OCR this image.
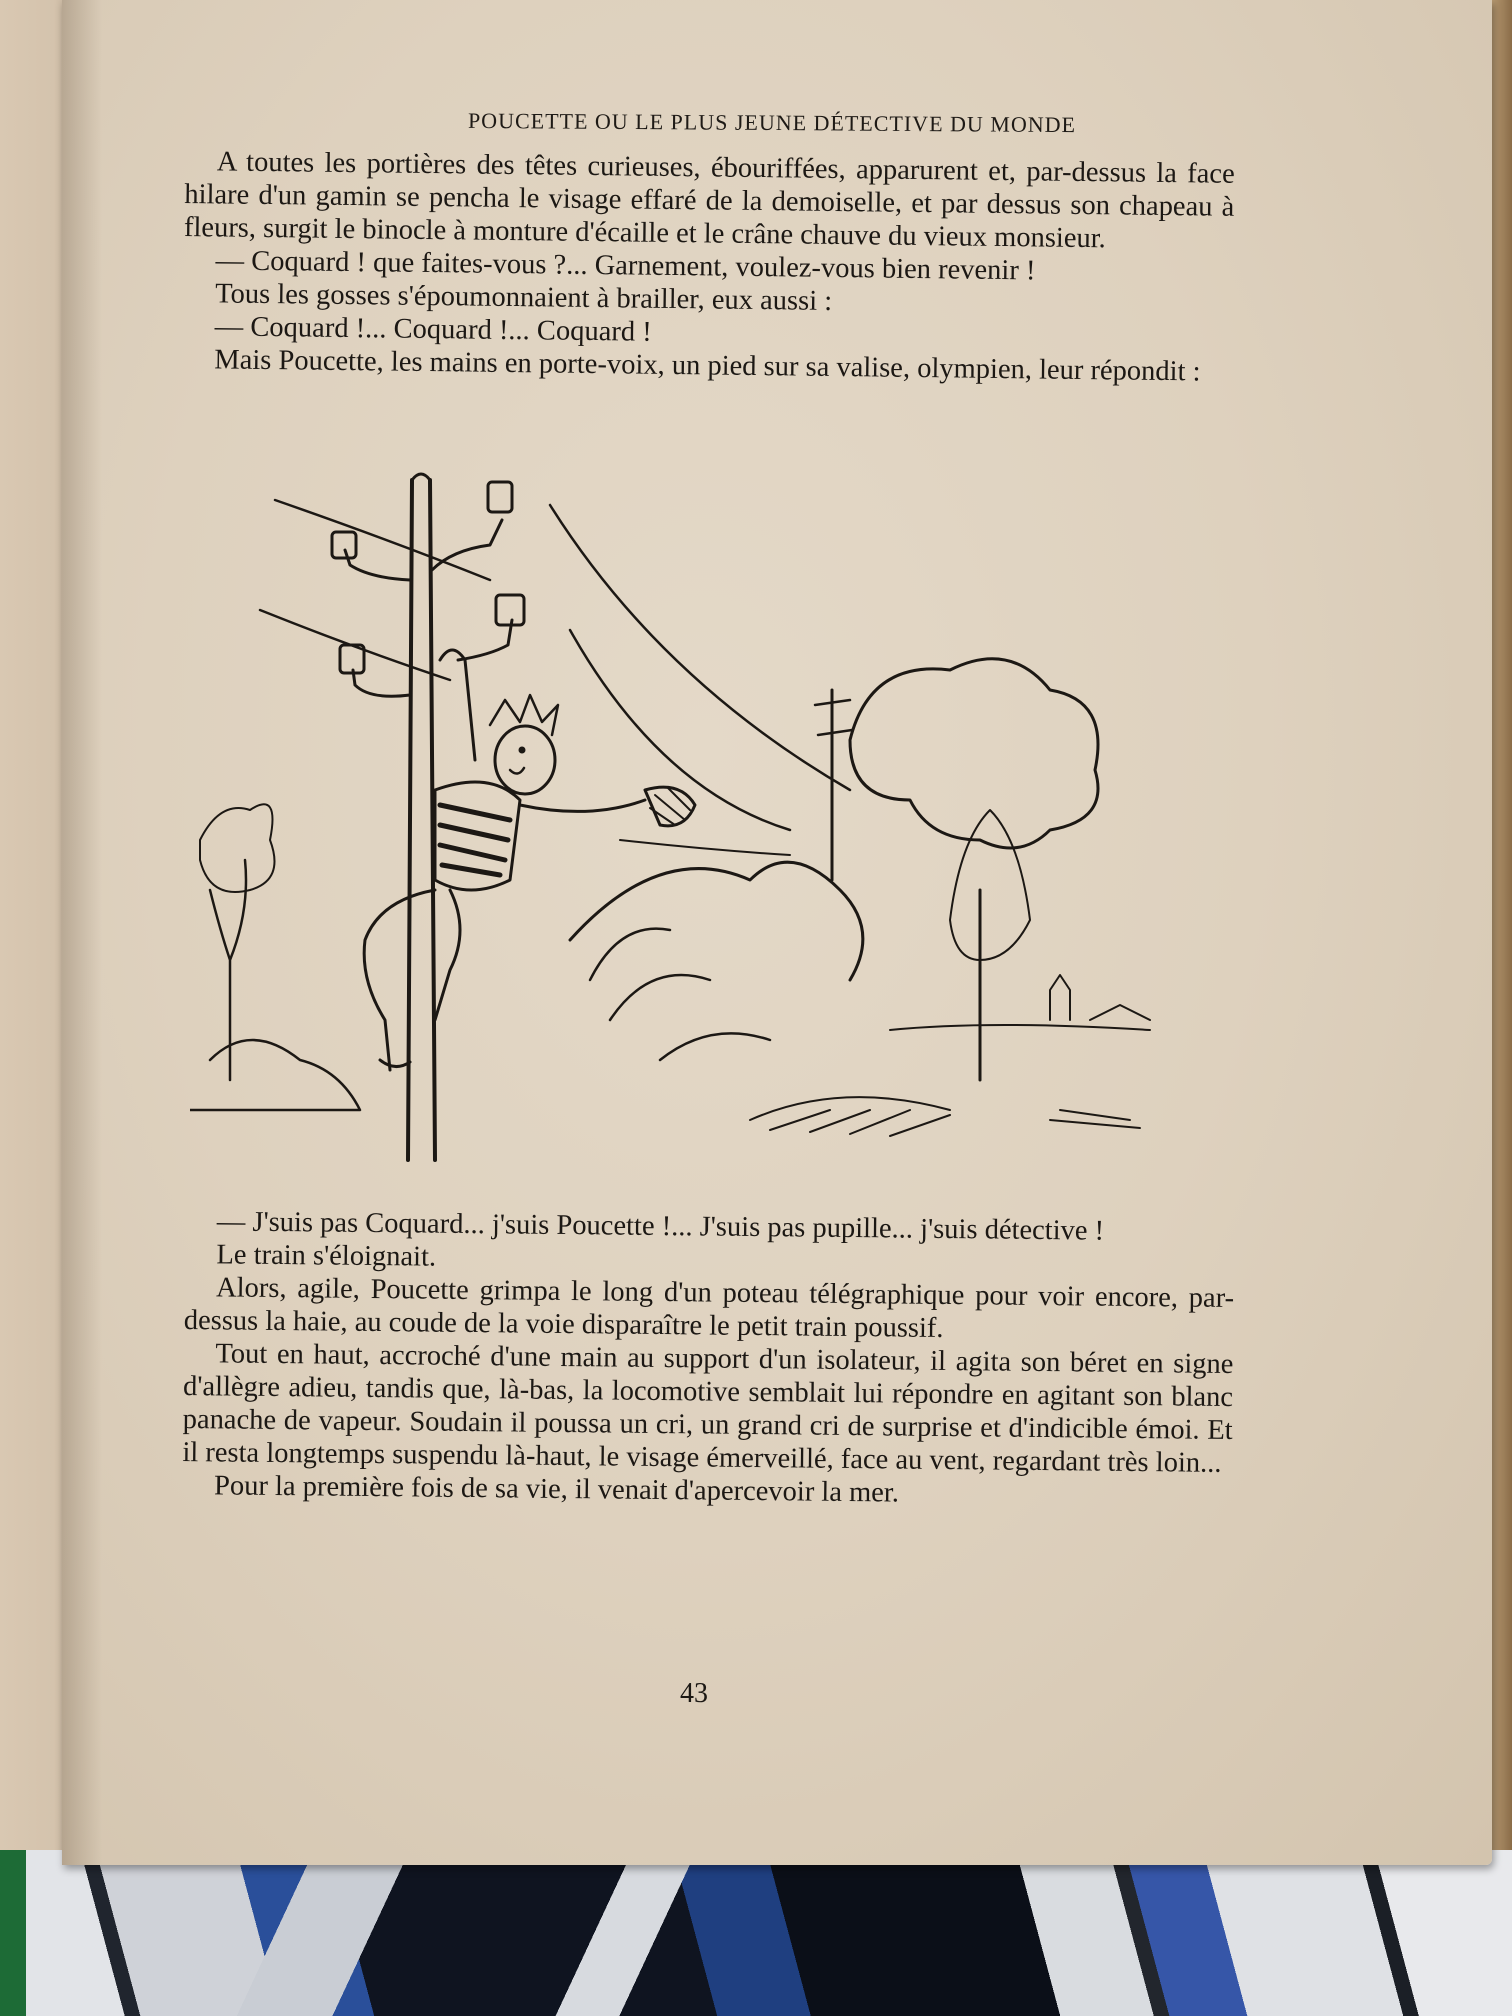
POUCETTE OU LE PLUS JEUNE DÉTECTIVE DU MONDE

A toutes les portières des têtes curieuses, ébouriffées, apparurent et, par-dessus la face hilare d'un gamin se pencha le visage effaré de la demoiselle, et par dessus son chapeau à fleurs, surgit le binocle à monture d'écaille et le crâne chauve du vieux monsieur.

— Coquard ! que faites-vous ?... Garnement, voulez-vous bien revenir !

Tous les gosses s'époumonnaient à brailler, eux aussi :

— Coquard !... Coquard !... Coquard !

Mais Poucette, les mains en porte-voix, un pied sur sa valise, olympien, leur répondit :

— J'suis pas Coquard... j'suis Poucette !... J'suis pas pupille... j'suis détective !

Le train s'éloignait.

Alors, agile, Poucette grimpa le long d'un poteau télégraphique pour voir encore, par-dessus la haie, au coude de la voie disparaître le petit train poussif.

Tout en haut, accroché d'une main au support d'un isolateur, il agita son béret en signe d'allègre adieu, tandis que, là-bas, la locomotive semblait lui répondre en agitant son blanc panache de vapeur. Soudain il poussa un cri, un grand cri de surprise et d'indicible émoi. Et il resta longtemps suspendu là-haut, le visage émerveillé, face au vent, regardant très loin...

Pour la première fois de sa vie, il venait d'apercevoir la mer.

43
